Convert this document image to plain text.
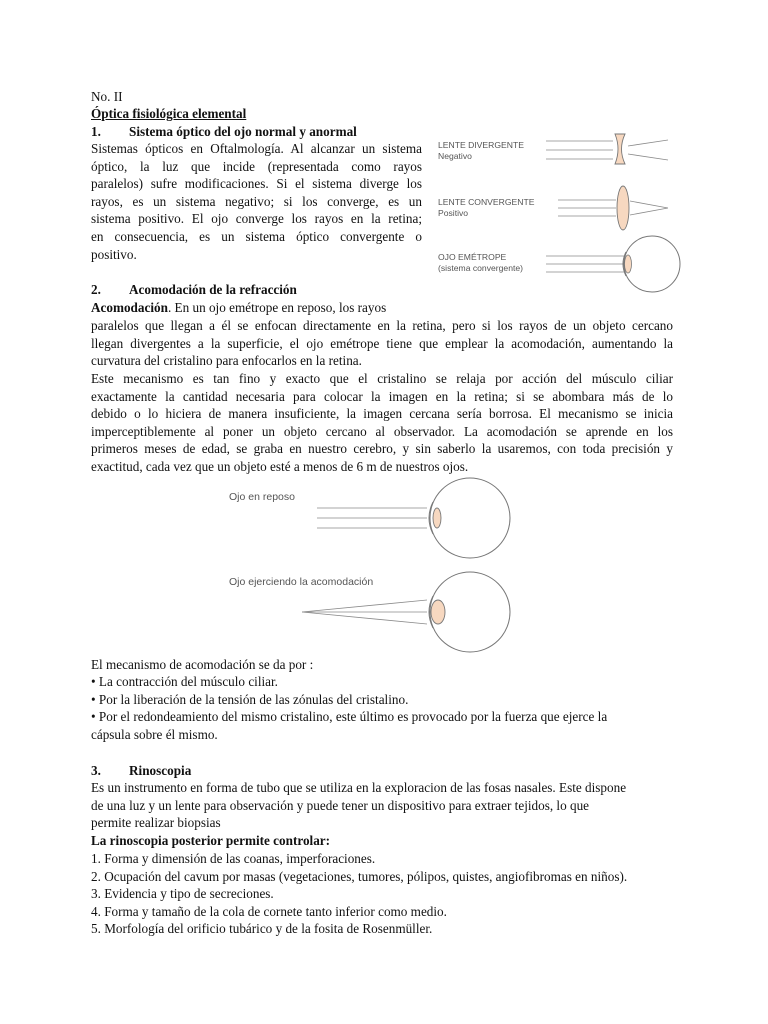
No. II
Óptica fisiológica elemental
1. Sistema óptico del ojo normal y anormal

Sistemas ópticos en Oftalmología. Al alcanzar un sistema

óptico, la luz que incide (representada como rayos

paralelos) sufre modificaciones. Si el sistema diverge los

rayos, es un sistema negativo; si los converge, es un

sistema positivo. El ojo converge los rayos en la retina;

en consecuencia, es un sistema óptico convergente o

positivo.

LENTE DIVERGENTE
Negativo
LENTE CONVERGENTE
Positivo
OJO EMÉTROPE
(sistema convergente)
2. Acomodación de la refracción
Acomodación. En un ojo emétrope en reposo, los rayos

paralelos que llegan a él se enfocan directamente en la retina, pero si los rayos de un objeto cercano

llegan divergentes a la superficie, el ojo emétrope tiene que emplear la acomodación, aumentando la

curvatura del cristalino para enfocarlos en la retina.

Este mecanismo es tan fino y exacto que el cristalino se relaja por acción del músculo ciliar

exactamente la cantidad necesaria para colocar la imagen en la retina; si se abombara más de lo

debido o lo hiciera de manera insuficiente, la imagen cercana sería borrosa. El mecanismo se inicia

imperceptiblemente al poner un objeto cercano al observador. La acomodación se aprende en los

primeros meses de edad, se graba en nuestro cerebro, y sin saberlo la usaremos, con toda precisión y

exactitud, cada vez que un objeto esté a menos de 6 m de nuestros ojos.

Ojo en reposo
Ojo ejerciendo la acomodación
El mecanismo de acomodación se da por :

• La contracción del músculo ciliar.

• Por la liberación de la tensión de las zónulas del cristalino.

• Por el redondeamiento del mismo cristalino, este último es provocado por la fuerza que ejerce la

cápsula sobre él mismo.

3. Rinoscopia

Es un instrumento en forma de tubo que se utiliza en la exploracion de las fosas nasales. Este dispone

de una luz y un lente para observación y puede tener un dispositivo para extraer tejidos, lo que

permite realizar biopsias

La rinoscopia posterior permite controlar:

1. Forma y dimensión de las coanas, imperforaciones.

2. Ocupación del cavum por masas (vegetaciones, tumores, pólipos, quistes, angiofibromas en niños).

3. Evidencia y tipo de secreciones.

4. Forma y tamaño de la cola de cornete tanto inferior como medio.

5. Morfología del orificio tubárico y de la fosita de Rosenmüller.
